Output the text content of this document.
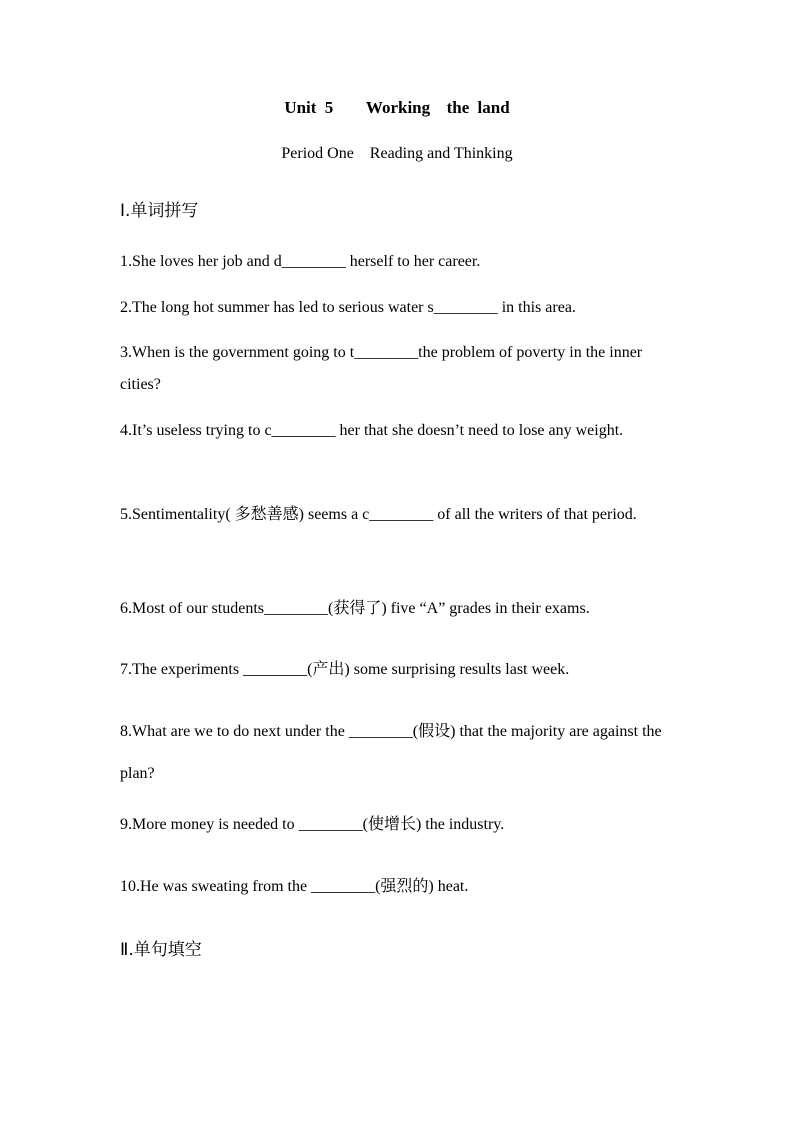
Unit 5    Working  the land
Period One    Reading and Thinking
Ⅰ.单词拼写
1.She loves her job and d________ herself to her career.
2.The long hot summer has led to serious water s________ in this area.
3.When is the government going to t________the problem of poverty in the inner cities?
4.It’s useless trying to c________ her that she doesn’t need to lose any weight.
5.Sentimentality( 多愁善感) seems a c________ of all the writers of that period.
6.Most of our students________(获得了) five “A” grades in their exams.
7.The experiments ________(产出) some surprising results last week.
8.What are we to do next under the ________(假设) that the majority are against the plan?
9.More money is needed to ________(使增长) the industry.
10.He was sweating from the ________(强烈的) heat.
Ⅱ.单句填空
